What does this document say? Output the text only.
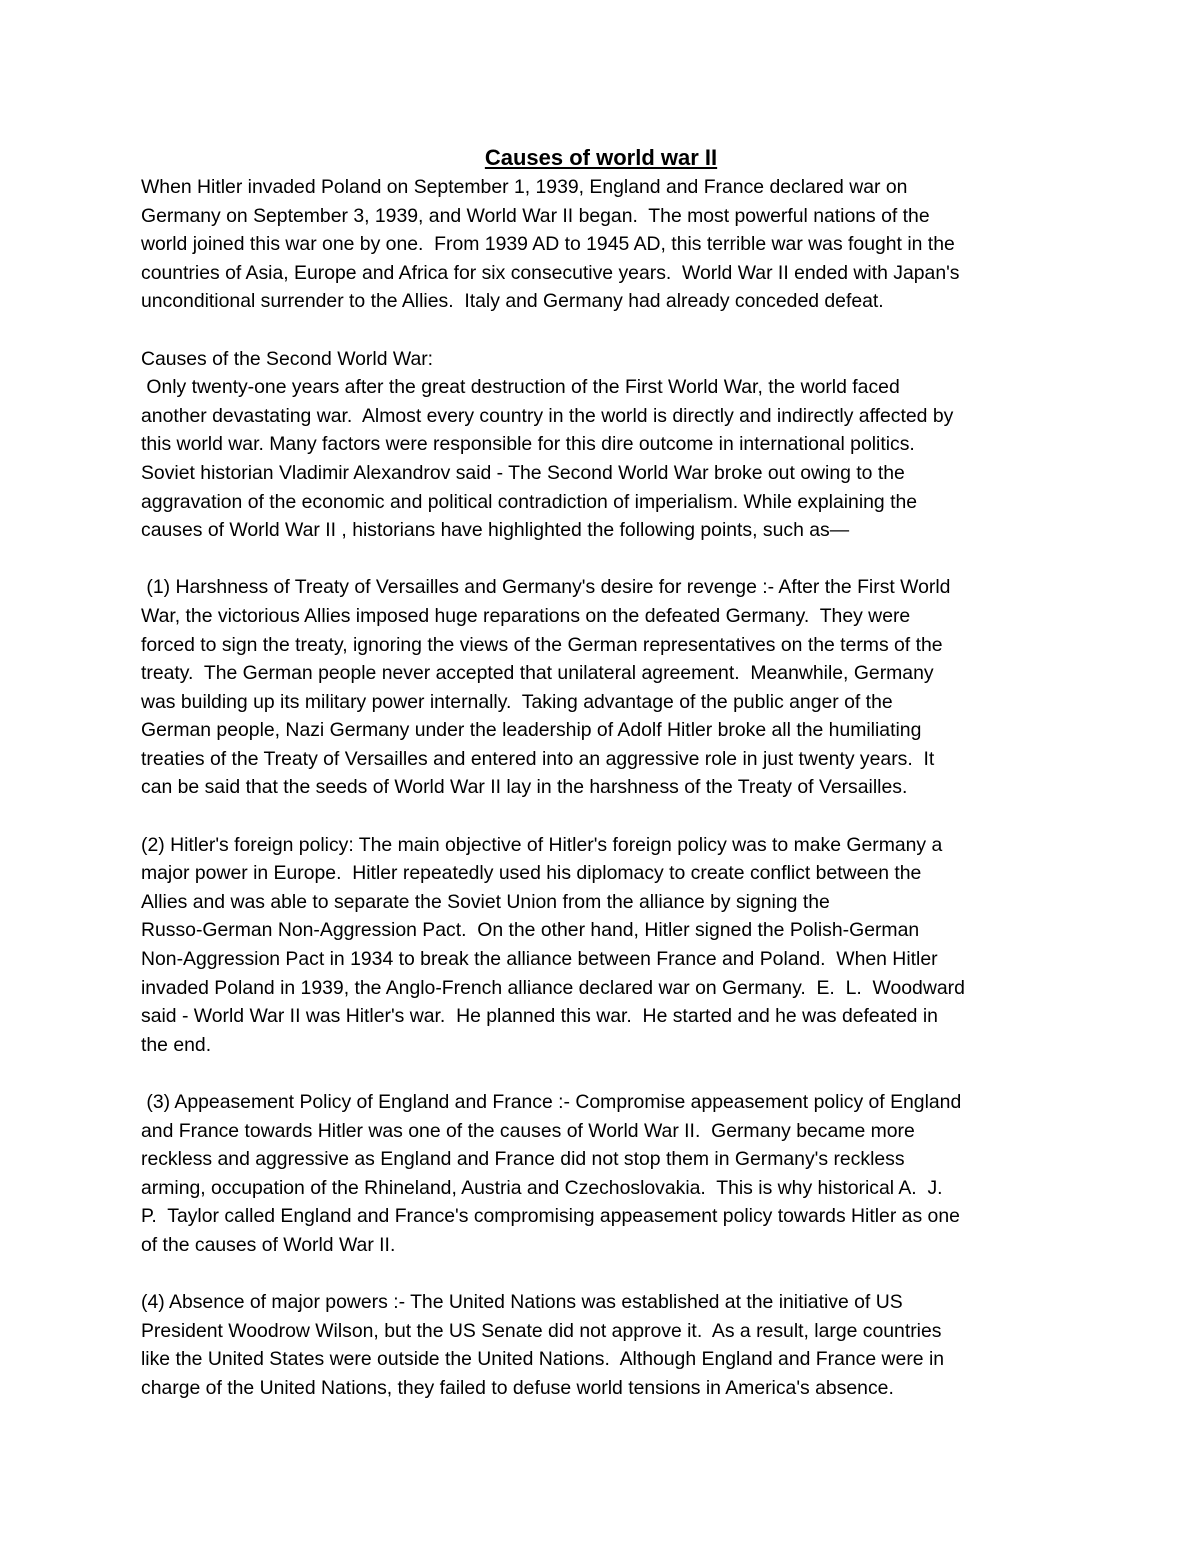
Causes of world war II
When Hitler invaded Poland on September 1, 1939, England and France declared war on
Germany on September 3, 1939, and World War II began.  The most powerful nations of the
world joined this war one by one.  From 1939 AD to 1945 AD, this terrible war was fought in the
countries of Asia, Europe and Africa for six consecutive years.  World War II ended with Japan's
unconditional surrender to the Allies.  Italy and Germany had already conceded defeat.
Causes of the Second World War:
Only twenty-one years after the great destruction of the First World War, the world faced
another devastating war.  Almost every country in the world is directly and indirectly affected by
this world war. Many factors were responsible for this dire outcome in international politics.
Soviet historian Vladimir Alexandrov said - The Second World War broke out owing to the
aggravation of the economic and political contradiction of imperialism. While explaining the
causes of World War II , historians have highlighted the following points, such as—
(1) Harshness of Treaty of Versailles and Germany's desire for revenge :- After the First World
War, the victorious Allies imposed huge reparations on the defeated Germany.  They were
forced to sign the treaty, ignoring the views of the German representatives on the terms of the
treaty.  The German people never accepted that unilateral agreement.  Meanwhile, Germany
was building up its military power internally.  Taking advantage of the public anger of the
German people, Nazi Germany under the leadership of Adolf Hitler broke all the humiliating
treaties of the Treaty of Versailles and entered into an aggressive role in just twenty years.  It
can be said that the seeds of World War II lay in the harshness of the Treaty of Versailles.
(2) Hitler's foreign policy: The main objective of Hitler's foreign policy was to make Germany a
major power in Europe.  Hitler repeatedly used his diplomacy to create conflict between the
Allies and was able to separate the Soviet Union from the alliance by signing the
Russo-German Non-Aggression Pact.  On the other hand, Hitler signed the Polish-German
Non-Aggression Pact in 1934 to break the alliance between France and Poland.  When Hitler
invaded Poland in 1939, the Anglo-French alliance declared war on Germany.  E.  L.  Woodward
said - World War II was Hitler's war.  He planned this war.  He started and he was defeated in
the end.
(3) Appeasement Policy of England and France :- Compromise appeasement policy of England
and France towards Hitler was one of the causes of World War II.  Germany became more
reckless and aggressive as England and France did not stop them in Germany's reckless
arming, occupation of the Rhineland, Austria and Czechoslovakia.  This is why historical A.  J.
P.  Taylor called England and France's compromising appeasement policy towards Hitler as one
of the causes of World War II.
(4) Absence of major powers :- The United Nations was established at the initiative of US
President Woodrow Wilson, but the US Senate did not approve it.  As a result, large countries
like the United States were outside the United Nations.  Although England and France were in
charge of the United Nations, they failed to defuse world tensions in America's absence.
